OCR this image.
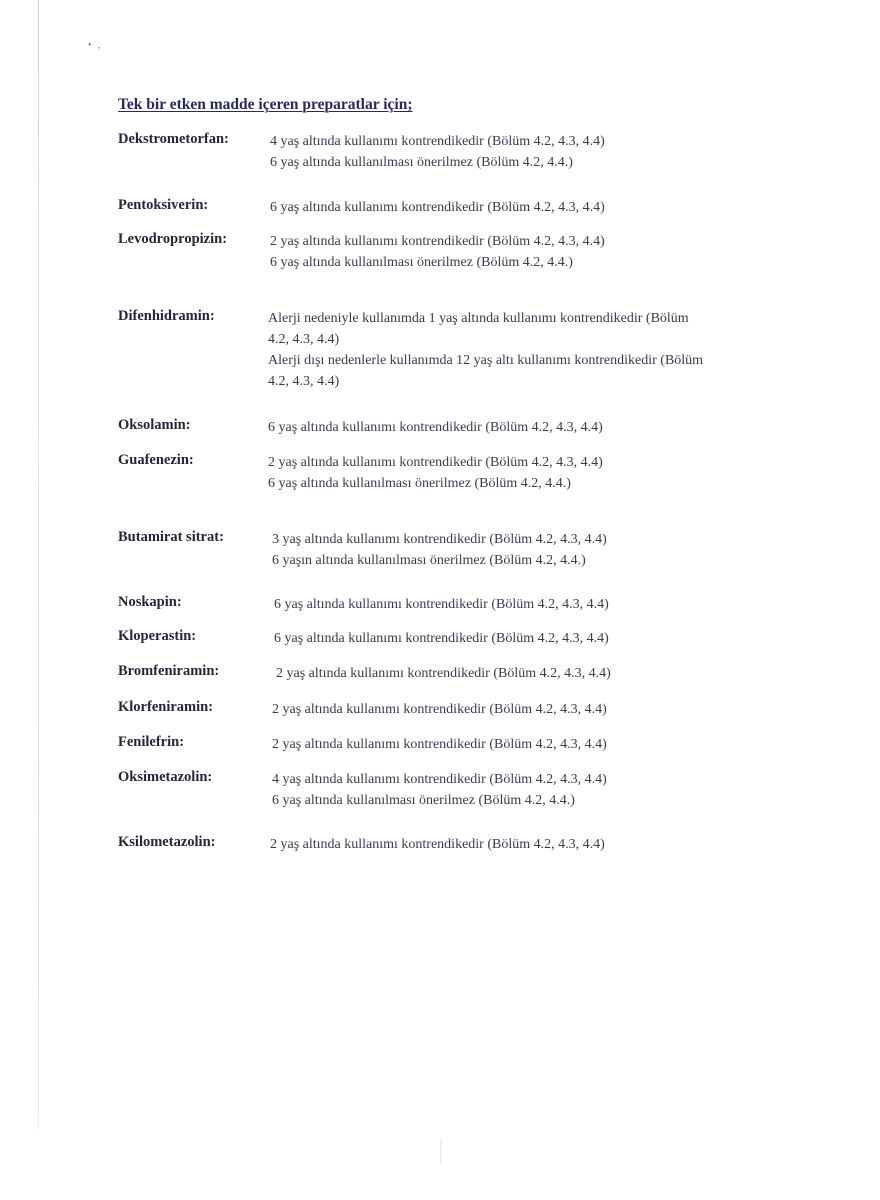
• ,
Tek bir etken madde içeren preparatlar için;
Dekstrometorfan:	4 yaş altında kullanımı kontrendikedir (Bölüm 4.2, 4.3, 4.4)
6 yaş altında kullanılması önerilmez (Bölüm 4.2, 4.4.)
Pentoksiverin:	6 yaş altında kullanımı kontrendikedir (Bölüm 4.2, 4.3, 4.4)
Levodropropizin:	2 yaş altında kullanımı kontrendikedir (Bölüm 4.2, 4.3, 4.4)
6 yaş altında kullanılması önerilmez (Bölüm 4.2, 4.4.)
Difenhidramin:	Alerji nedeniyle kullanımda 1 yaş altında kullanımı kontrendikedir (Bölüm
4.2, 4.3, 4.4)
Alerji dışı nedenlerle kullanımda 12 yaş altı kullanımı kontrendikedir (Bölüm
4.2, 4.3, 4.4)
Oksolamin:	6 yaş altında kullanımı kontrendikedir (Bölüm 4.2, 4.3, 4.4)
Guafenezin:	2 yaş altında kullanımı kontrendikedir (Bölüm 4.2, 4.3, 4.4)
6 yaş altında kullanılması önerilmez (Bölüm 4.2, 4.4.)
Butamirat sitrat:	3 yaş altında kullanımı kontrendikedir (Bölüm 4.2, 4.3, 4.4)
6 yaşın altında kullanılması önerilmez (Bölüm 4.2, 4.4.)
Noskapin:	6 yaş altında kullanımı kontrendikedir (Bölüm 4.2, 4.3, 4.4)
Kloperastin:	6 yaş altında kullanımı kontrendikedir (Bölüm 4.2, 4.3, 4.4)
Bromfeniramin:	2 yaş altında kullanımı kontrendikedir (Bölüm 4.2, 4.3, 4.4)
Klorfeniramin:	2 yaş altında kullanımı kontrendikedir (Bölüm 4.2, 4.3, 4.4)
Fenilefrin:	2 yaş altında kullanımı kontrendikedir (Bölüm 4.2, 4.3, 4.4)
Oksimetazolin:	4 yaş altında kullanımı kontrendikedir (Bölüm 4.2, 4.3, 4.4)
6 yaş altında kullanılması önerilmez (Bölüm 4.2, 4.4.)
Ksilometazolin:	2 yaş altında kullanımı kontrendikedir (Bölüm 4.2, 4.3, 4.4)
